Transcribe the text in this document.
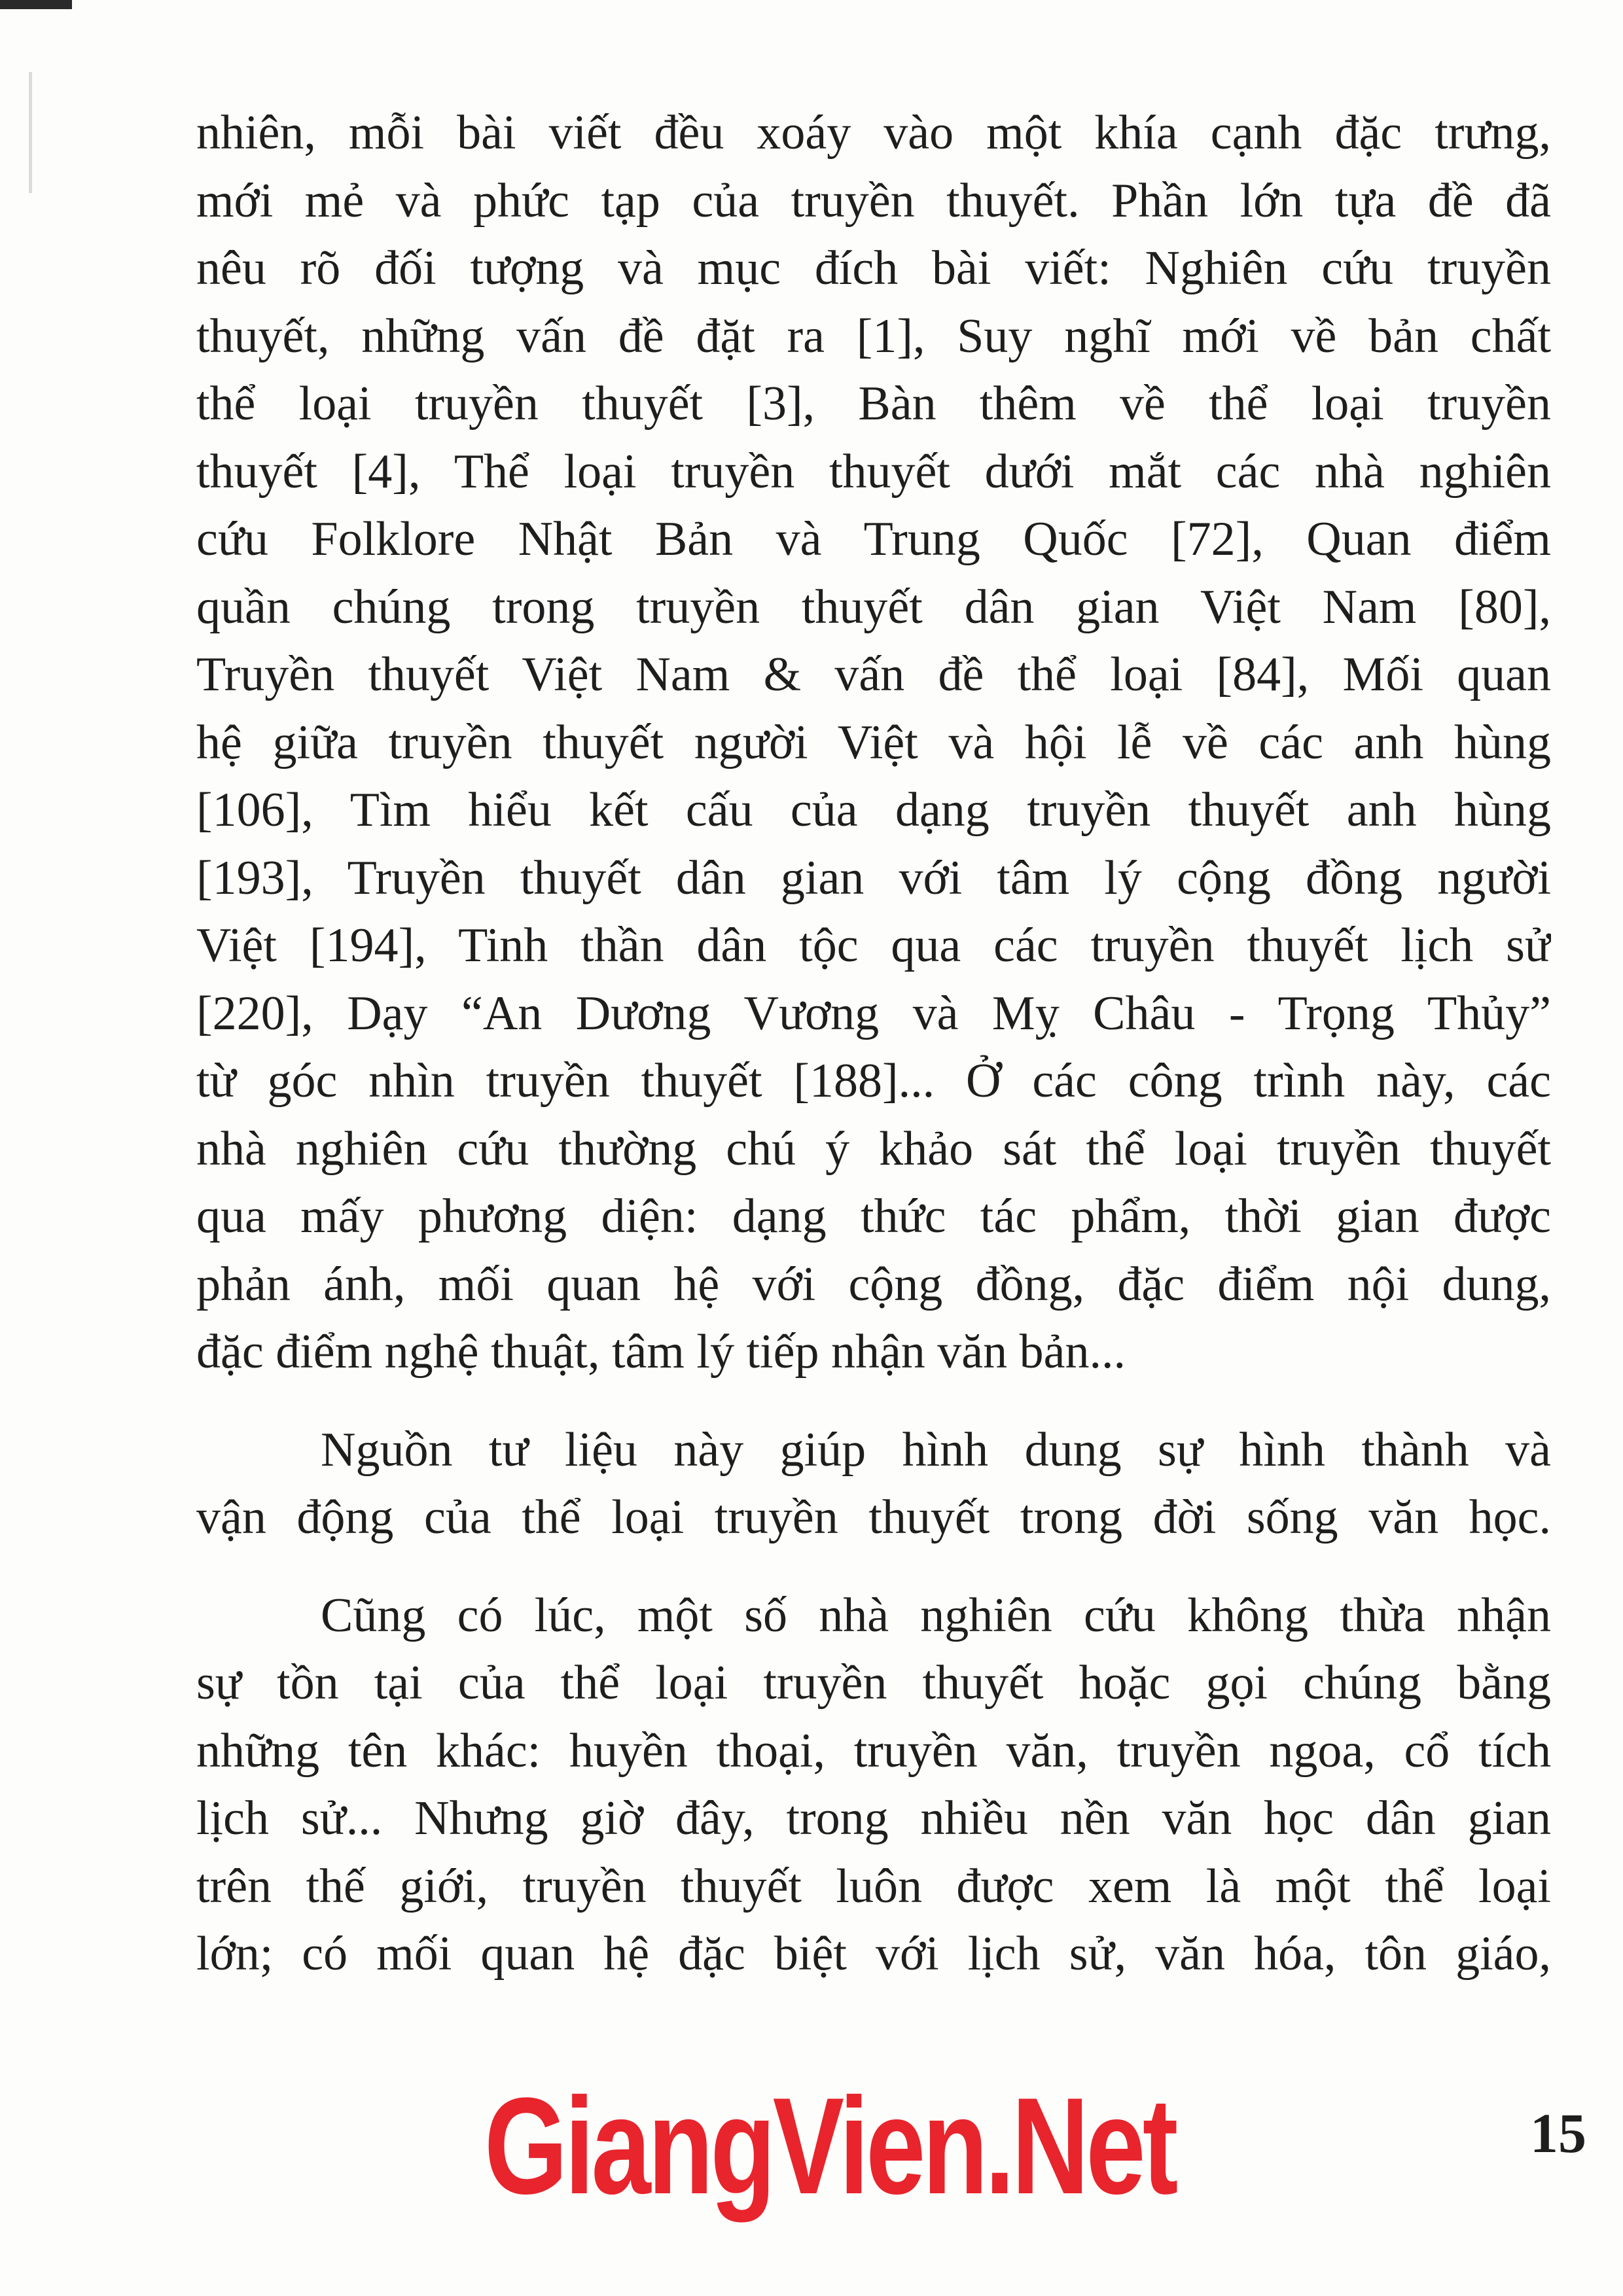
nhiên, mỗi bài viết đều xoáy vào một khía cạnh đặc trưng,
mới mẻ và phức tạp của truyền thuyết. Phần lớn tựa đề đã
nêu rõ đối tượng và mục đích bài viết: Nghiên cứu truyền
thuyết, những vấn đề đặt ra [1], Suy nghĩ mới về bản chất
thể loại truyền thuyết [3], Bàn thêm về thể loại truyền
thuyết [4], Thể loại truyền thuyết dưới mắt các nhà nghiên
cứu Folklore Nhật Bản và Trung Quốc [72], Quan điểm
quần chúng trong truyền thuyết dân gian Việt Nam [80],
Truyền thuyết Việt Nam & vấn đề thể loại [84], Mối quan
hệ giữa truyền thuyết người Việt và hội lễ về các anh hùng
[106], Tìm hiểu kết cấu của dạng truyền thuyết anh hùng
[193], Truyền thuyết dân gian với tâm lý cộng đồng người
Việt [194], Tinh thần dân tộc qua các truyền thuyết lịch sử
[220], Dạy “An Dương Vương và Mỵ Châu - Trọng Thủy”
từ góc nhìn truyền thuyết [188]... Ở các công trình này, các
nhà nghiên cứu thường chú ý khảo sát thể loại truyền thuyết
qua mấy phương diện: dạng thức tác phẩm, thời gian được
phản ánh, mối quan hệ với cộng đồng, đặc điểm nội dung,
đặc điểm nghệ thuật, tâm lý tiếp nhận văn bản...
Nguồn tư liệu này giúp hình dung sự hình thành và
vận động của thể loại truyền thuyết trong đời sống văn học.
Cũng có lúc, một số nhà nghiên cứu không thừa nhận
sự tồn tại của thể loại truyền thuyết hoặc gọi chúng bằng
những tên khác: huyền thoại, truyền văn, truyền ngoa, cổ tích
lịch sử... Nhưng giờ đây, trong nhiều nền văn học dân gian
trên thế giới, truyền thuyết luôn được xem là một thể loại
lớn; có mối quan hệ đặc biệt với lịch sử, văn hóa, tôn giáo,
GiangVien.Net	15
